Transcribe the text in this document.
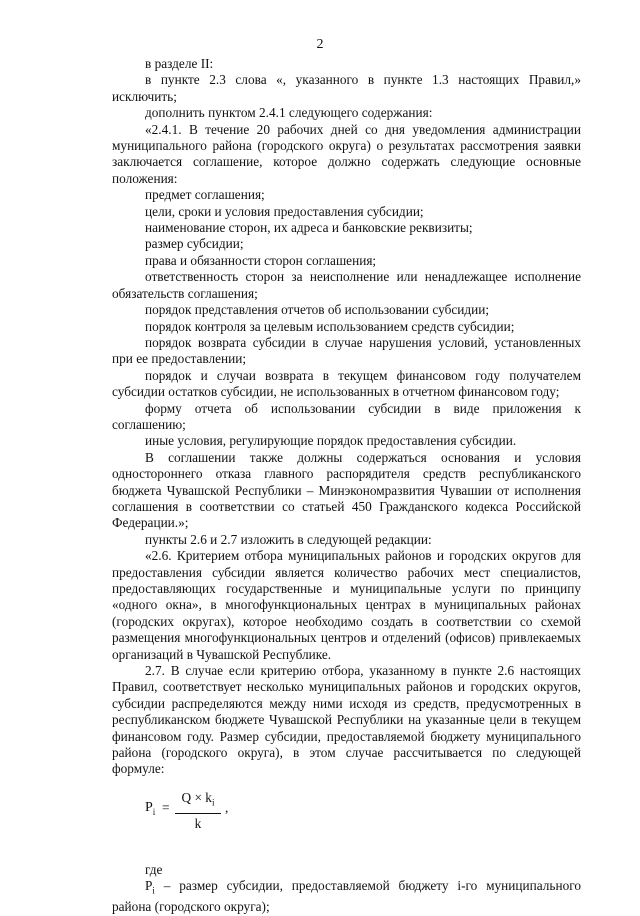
2

в разделе II:

в пункте 2.3 слова «, указанного в пункте 1.3 настоящих Правил,» исключить;

дополнить пунктом 2.4.1 следующего содержания:

«2.4.1. В течение 20 рабочих дней со дня уведомления администрации муниципального района (городского округа) о результатах рассмотрения заявки заключается соглашение, которое должно содержать следующие основные положения:

предмет соглашения;

цели, сроки и условия предоставления субсидии;

наименование сторон, их адреса и банковские реквизиты;

размер субсидии;

права и обязанности сторон соглашения;

ответственность сторон за неисполнение или ненадлежащее исполнение обязательств соглашения;

порядок представления отчетов об использовании субсидии;

порядок контроля за целевым использованием средств субсидии;

порядок возврата субсидии в случае нарушения условий, установленных при ее предоставлении;

порядок и случаи возврата в текущем финансовом году получателем субсидии остатков субсидии, не использованных в отчетном финансовом году;

форму отчета об использовании субсидии в виде приложения к соглашению;

иные условия, регулирующие порядок предоставления субсидии.

В соглашении также должны содержаться основания и условия одностороннего отказа главного распорядителя средств республиканского бюджета Чувашской Республики – Минэкономразвития Чувашии от исполнения соглашения в соответствии со статьей 450 Гражданского кодекса Российской Федерации.»;

пункты 2.6 и 2.7 изложить в следующей редакции:

«2.6. Критерием отбора муниципальных районов и городских округов для предоставления субсидии является количество рабочих мест специалистов, предоставляющих государственные и муниципальные услуги по принципу «одного окна», в многофункциональных центрах в муниципальных районах (городских округах), которое необходимо создать в соответствии со схемой размещения многофункциональных центров и отделений (офисов) привлекаемых организаций в Чувашской Республике.

2.7. В случае если критерию отбора, указанному в пункте 2.6 настоящих Правил, соответствует несколько муниципальных районов и городских округов, субсидии распределяются между ними исходя из средств, предусмотренных в республиканском бюджете Чувашской Республики на указанные цели в текущем финансовом году. Размер субсидии, предоставляемой бюджету муниципального района (городского округа), в этом случае рассчитывается по следующей формуле:

$P_i = \frac{Q \times k_i}{k}$ ,

где

$P_i$ – размер субсидии, предоставляемой бюджету i-го муниципального района (городского округа);
